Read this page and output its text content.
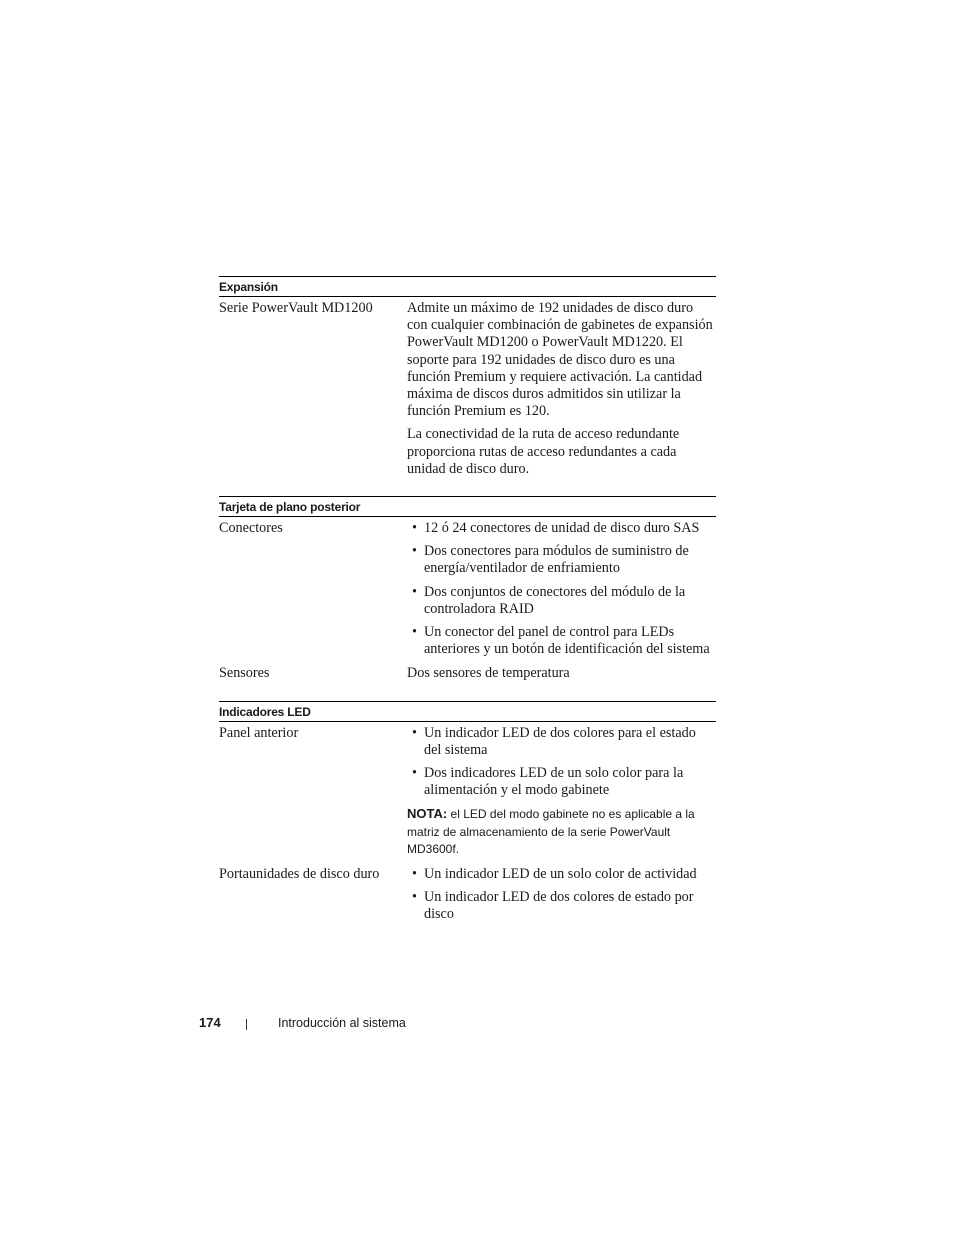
Expansión
Serie PowerVault MD1200	Admite un máximo de 192 unidades de disco duro con cualquier combinación de gabinetes de expansión PowerVault MD1200 o PowerVault MD1220. El soporte para 192 unidades de disco duro es una función Premium y requiere activación. La cantidad máxima de discos duros admitidos sin utilizar la función Premium es 120.

La conectividad de la ruta de acceso redundante proporciona rutas de acceso redundantes a cada unidad de disco duro.

Tarjeta de plano posterior
Conectores	• 12 ó 24 conectores de unidad de disco duro SAS
• Dos conectores para módulos de suministro de energía/ventilador de enfriamiento
• Dos conjuntos de conectores del módulo de la controladora RAID
• Un conector del panel de control para LEDs anteriores y un botón de identificación del sistema
Sensores	Dos sensores de temperatura
Indicadores LED
Panel anterior	• Un indicador LED de dos colores para el estado del sistema
• Dos indicadores LED de un solo color para la alimentación y el modo gabinete
NOTA: el LED del modo gabinete no es aplicable a la matriz de almacenamiento de la serie PowerVault MD3600f.
Portaunidades de disco duro	• Un indicador LED de un solo color de actividad
• Un indicador LED de dos colores de estado por disco
174	Introducción al sistema
